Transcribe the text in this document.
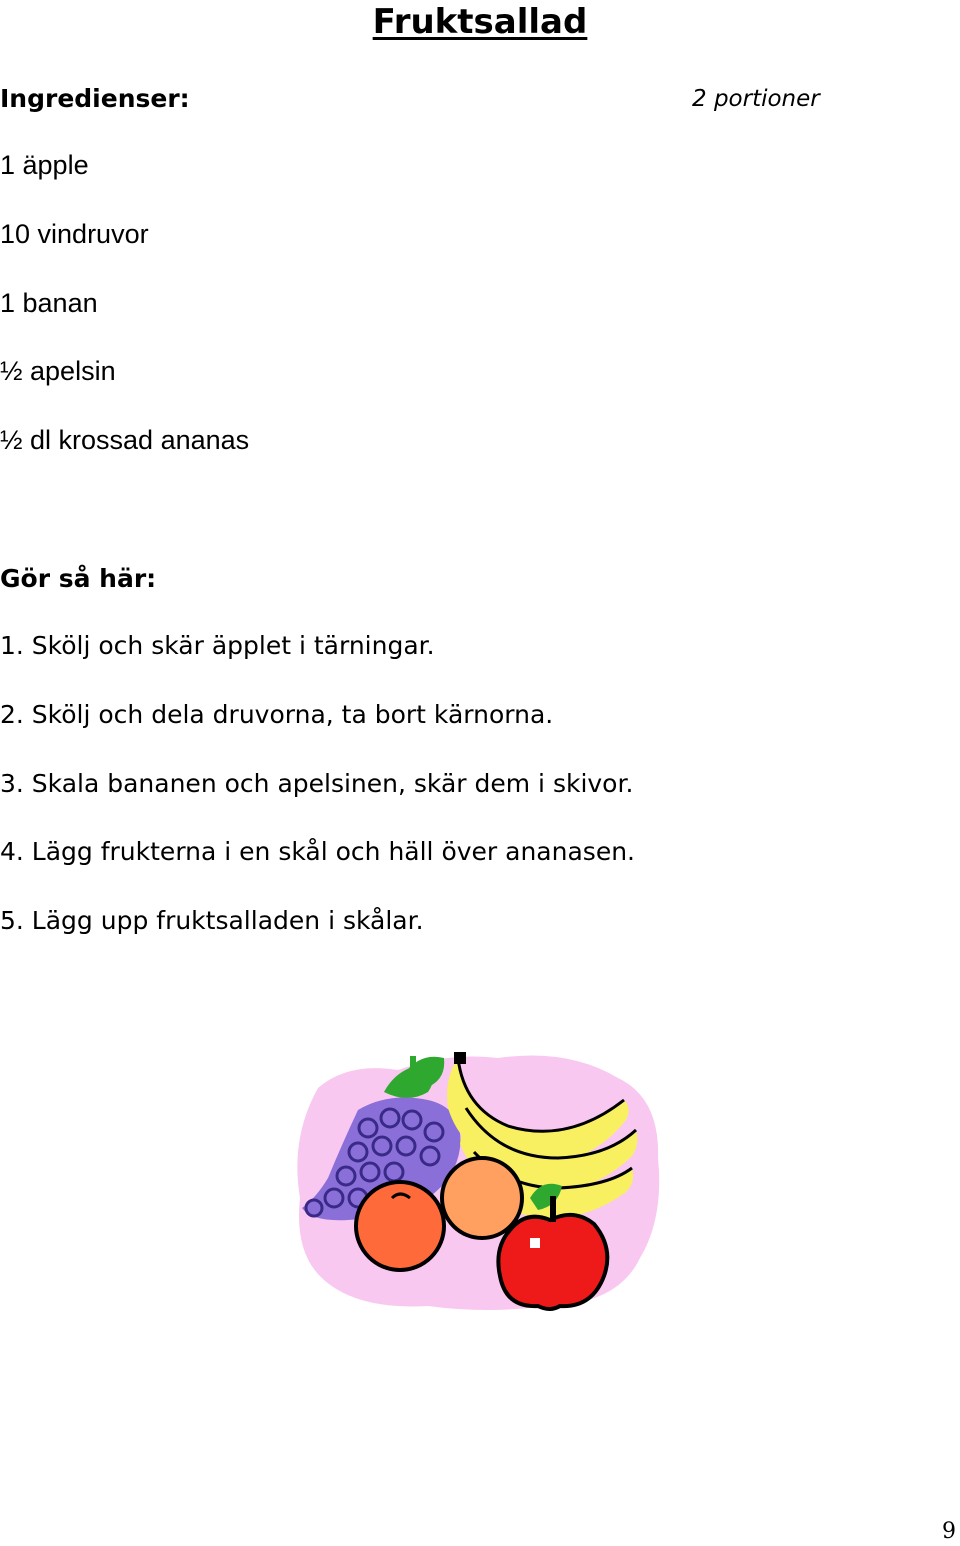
Fruktsallad
Ingredienser:	2 portioner
1 äpple
10 vindruvor
1 banan
½ apelsin
½ dl krossad ananas
Gör så här:
1. Skölj och skär äpplet i tärningar.
2. Skölj och dela druvorna, ta bort kärnorna.
3. Skala bananen och apelsinen, skär dem i skivor.
4. Lägg frukterna i en skål och häll över ananasen.
5. Lägg upp fruktsalladen i skålar.
9
